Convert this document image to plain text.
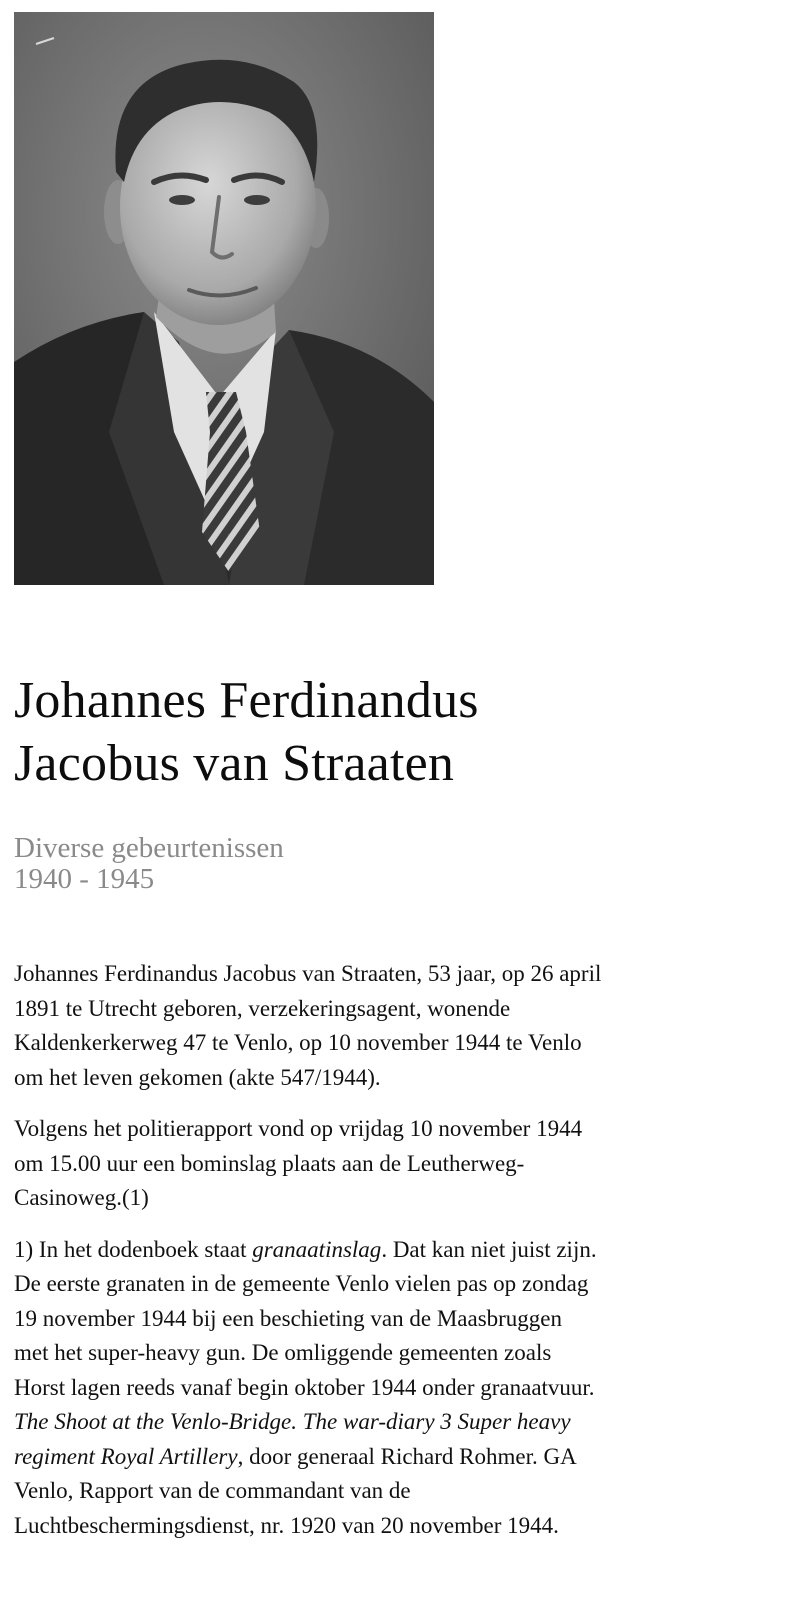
Johannes Ferdinandus
Jacobus van Straaten
Diverse gebeurtenissen
1940 - 1945

Johannes Ferdinandus Jacobus van Straaten, 53 jaar, op 26 april
1891 te Utrecht geboren, verzekeringsagent, wonende
Kaldenkerkerweg 47 te Venlo, op 10 november 1944 te Venlo
om het leven gekomen (akte 547/1944).

Volgens het politierapport vond op vrijdag 10 november 1944
om 15.00 uur een bominslag plaats aan de Leutherweg-
Casinoweg.(1)

1) In het dodenboek staat granaatinslag. Dat kan niet juist zijn.
De eerste granaten in de gemeente Venlo vielen pas op zondag
19 november 1944 bij een beschieting van de Maasbruggen
met het super-heavy gun. De omliggende gemeenten zoals
Horst lagen reeds vanaf begin oktober 1944 onder granaatvuur.
The Shoot at the Venlo-Bridge. The war-diary 3 Super heavy
regiment Royal Artillery, door generaal Richard Rohmer. GA
Venlo, Rapport van de commandant van de
Luchtbeschermingsdienst, nr. 1920 van 20 november 1944.
